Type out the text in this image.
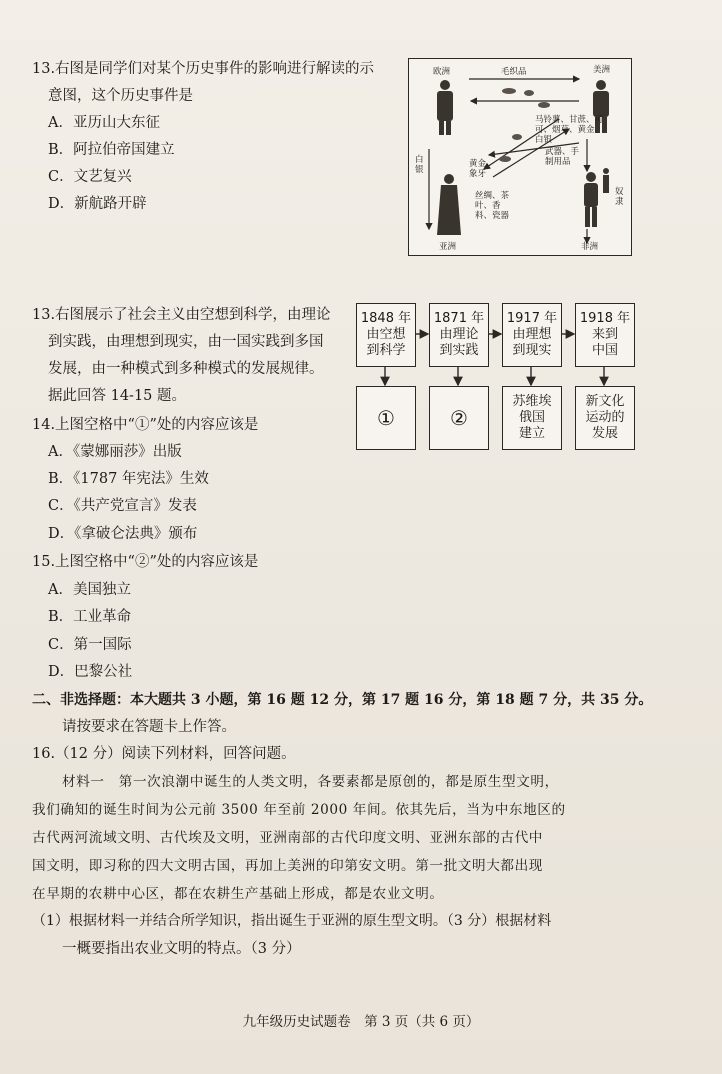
13.右图是同学们对某个历史事件的影响进行解读的示
意图，这个历史事件是
A．亚历山大东征
B．阿拉伯帝国建立
C．文艺复兴
D．新航路开辟
欧洲	美洲
亚洲	非洲
毛织品
白银
奴隶
马铃薯、甘蔗、可可、烟草、黄金、白银
黄金、象牙
武器、手制用品
丝绸、茶叶、香料、瓷器
13.右图展示了社会主义由空想到科学，由理论
到实践，由理想到现实，由一国实践到多国
发展，由一种模式到多种模式的发展规律。
据此回答 14-15 题。
1848 年
由空想
到科学
1871 年
由理论
到实践
1917 年
由理想
到现实
1918 年
来到
中国
①	②
苏维埃
俄国
建立
新文化
运动的
发展
14.上图空格中“①”处的内容应该是
A．《蒙娜丽莎》出版
B．《1787 年宪法》生效
C．《共产党宣言》发表
D．《拿破仑法典》颁布
15.上图空格中“②”处的内容应该是
A．美国独立
B．工业革命
C．第一国际
D．巴黎公社
二、非选择题：本大题共 3 小题，第 16 题 12 分，第 17 题 16 分，第 18 题 7 分，共 35 分。
请按要求在答题卡上作答。
16.（12 分）阅读下列材料，回答问题。
材料一　第一次浪潮中诞生的人类文明，各要素都是原创的，都是原生型文明，
我们确知的诞生时间为公元前 3500 年至前 2000 年间。依其先后，当为中东地区的
古代两河流域文明、古代埃及文明，亚洲南部的古代印度文明、亚洲东部的古代中
国文明，即习称的四大文明古国，再加上美洲的印第安文明。第一批文明大都出现
在早期的农耕中心区，都在农耕生产基础上形成，都是农业文明。
（1）根据材料一并结合所学知识，指出诞生于亚洲的原生型文明。（3 分）根据材料
一概要指出农业文明的特点。（3 分）
九年级历史试题卷　第 3 页（共 6 页）
